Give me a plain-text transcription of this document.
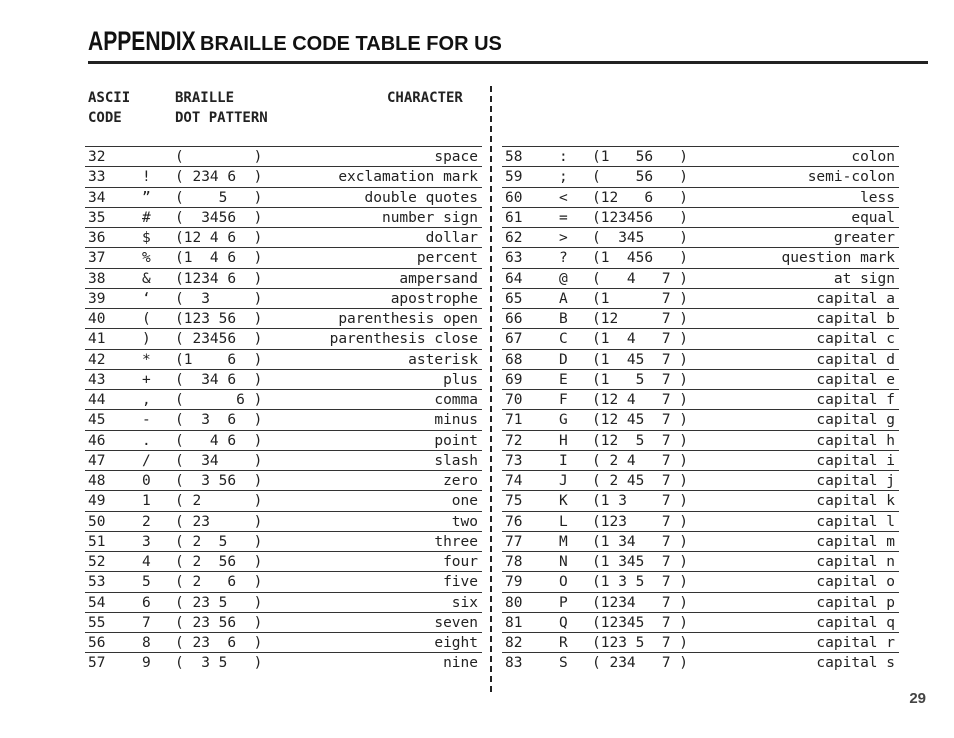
APPENDIX BRAILLE CODE TABLE FOR US
ASCII
CODE
BRAILLE
DOT PATTERN
CHARACTER
32	(        )	space
33	! ( 234 6  )	exclamation mark
34	” (    5   )	double quotes
35	# (  3456  )	number sign
36	$ (12 4 6  )	dollar
37	% (1  4 6  )	percent
38	& (1234 6  )	ampersand
39	‘ (  3     )	apostrophe
40	( (123 56  )	parenthesis open
41	) ( 23456  )	parenthesis close
42	* (1    6  )	asterisk
43	+ (  34 6  )	plus
44	, (      6 )	comma
45	- (  3  6  )	minus
46	. (   4 6  )	point
47	/ (  34    )	slash
48	0 (  3 56  )	zero
49	1 ( 2      )	one
50	2 ( 23     )	two
51	3 ( 2  5   )	three
52	4 ( 2  56  )	four
53	5 ( 2   6  )	five
54	6 ( 23 5   )	six
55	7 ( 23 56  )	seven
56	8 ( 23  6  )	eight
57	9 (  3 5   )	nine
58	: (1   56   )	colon
59	; (    56   )	semi-colon
60	< (12   6   )	less
61	= (123456   )	equal
62	> (  345    )	greater
63	? (1  456   )	question mark
64	@ (   4   7 )	at sign
65	A (1      7 )	capital a
66	B (12     7 )	capital b
67	C (1  4   7 )	capital c
68	D (1  45  7 )	capital d
69	E (1   5  7 )	capital e
70	F (12 4   7 )	capital f
71	G (12 45  7 )	capital g
72	H (12  5  7 )	capital h
73	I ( 2 4   7 )	capital i
74	J ( 2 45  7 )	capital j
75	K (1 3    7 )	capital k
76	L (123    7 )	capital l
77	M (1 34   7 )	capital m
78	N (1 345  7 )	capital n
79	O (1 3 5  7 )	capital o
80	P (1234   7 )	capital p
81	Q (12345  7 )	capital q
82	R (123 5  7 )	capital r
83	S ( 234   7 )	capital s
29
